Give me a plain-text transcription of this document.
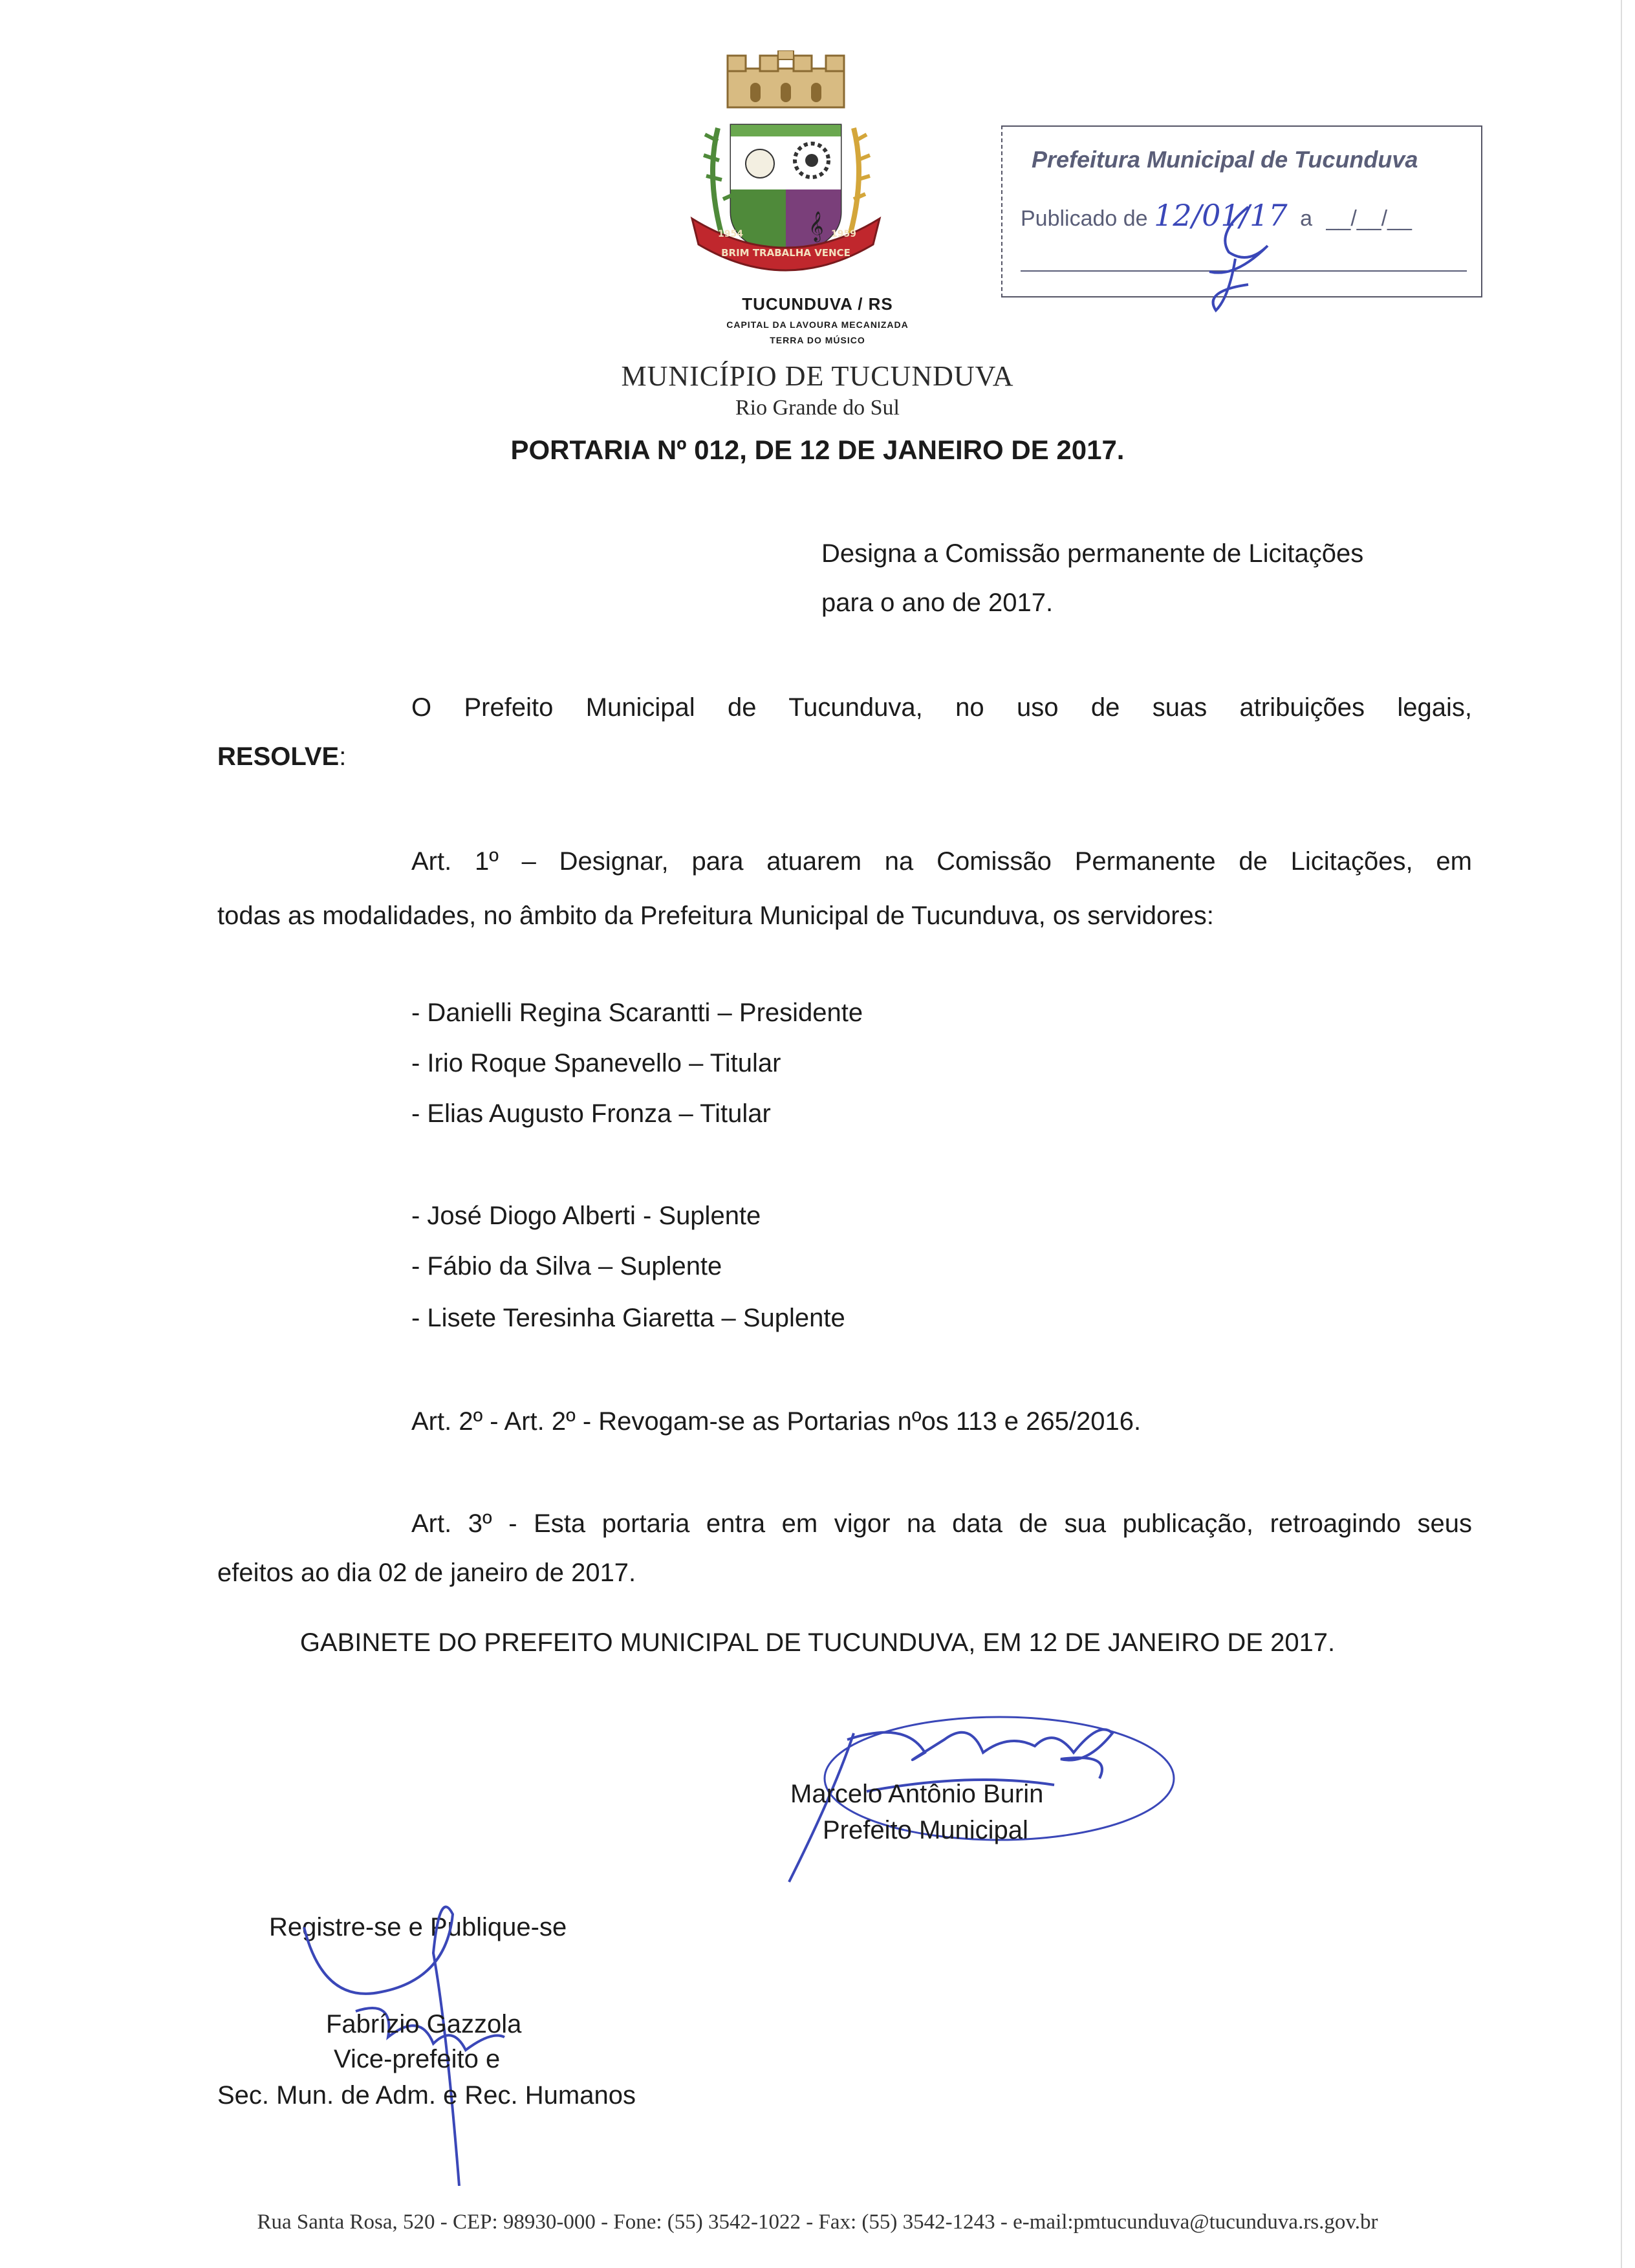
𝄞
BRIM TRABALHA VENCE
1954	1959
TUCUNDUVA / RS
CAPITAL DA LAVOURA MECANIZADA
TERRA DO MÚSICO
MUNICÍPIO DE TUCUNDUVA
Rio Grande do Sul
Prefeitura Municipal de Tucunduva
Publicado de 12/01/17 a __/__/__
PORTARIA Nº 012, DE 12 DE JANEIRO DE 2017.
Designa a Comissão permanente de Licitações
para o ano de 2017.
O Prefeito Municipal de Tucunduva, no uso de suas atribuições legais,
RESOLVE:
Art. 1º – Designar, para atuarem na Comissão Permanente de Licitações, em
todas as modalidades, no âmbito da Prefeitura Municipal de Tucunduva, os servidores:
- Danielli Regina Scarantti – Presidente
- Irio Roque Spanevello – Titular
- Elias Augusto Fronza – Titular
- José Diogo Alberti - Suplente
- Fábio da Silva – Suplente
- Lisete Teresinha Giaretta – Suplente
Art. 2º - Art. 2º - Revogam-se as Portarias nºos 113 e 265/2016.
Art. 3º - Esta portaria entra em vigor na data de sua publicação, retroagindo seus
efeitos ao dia 02 de janeiro de 2017.
GABINETE DO PREFEITO MUNICIPAL DE TUCUNDUVA, EM 12 DE JANEIRO DE 2017.
Marcelo Antônio Burin
Prefeito Municipal
Registre-se e Publique-se
Fabrízio Gazzola
Vice-prefeito e
Sec. Mun. de Adm. e Rec. Humanos
Rua Santa Rosa, 520 - CEP: 98930-000 - Fone: (55) 3542-1022 - Fax: (55) 3542-1243 - e-mail:pmtucunduva@tucunduva.rs.gov.br
